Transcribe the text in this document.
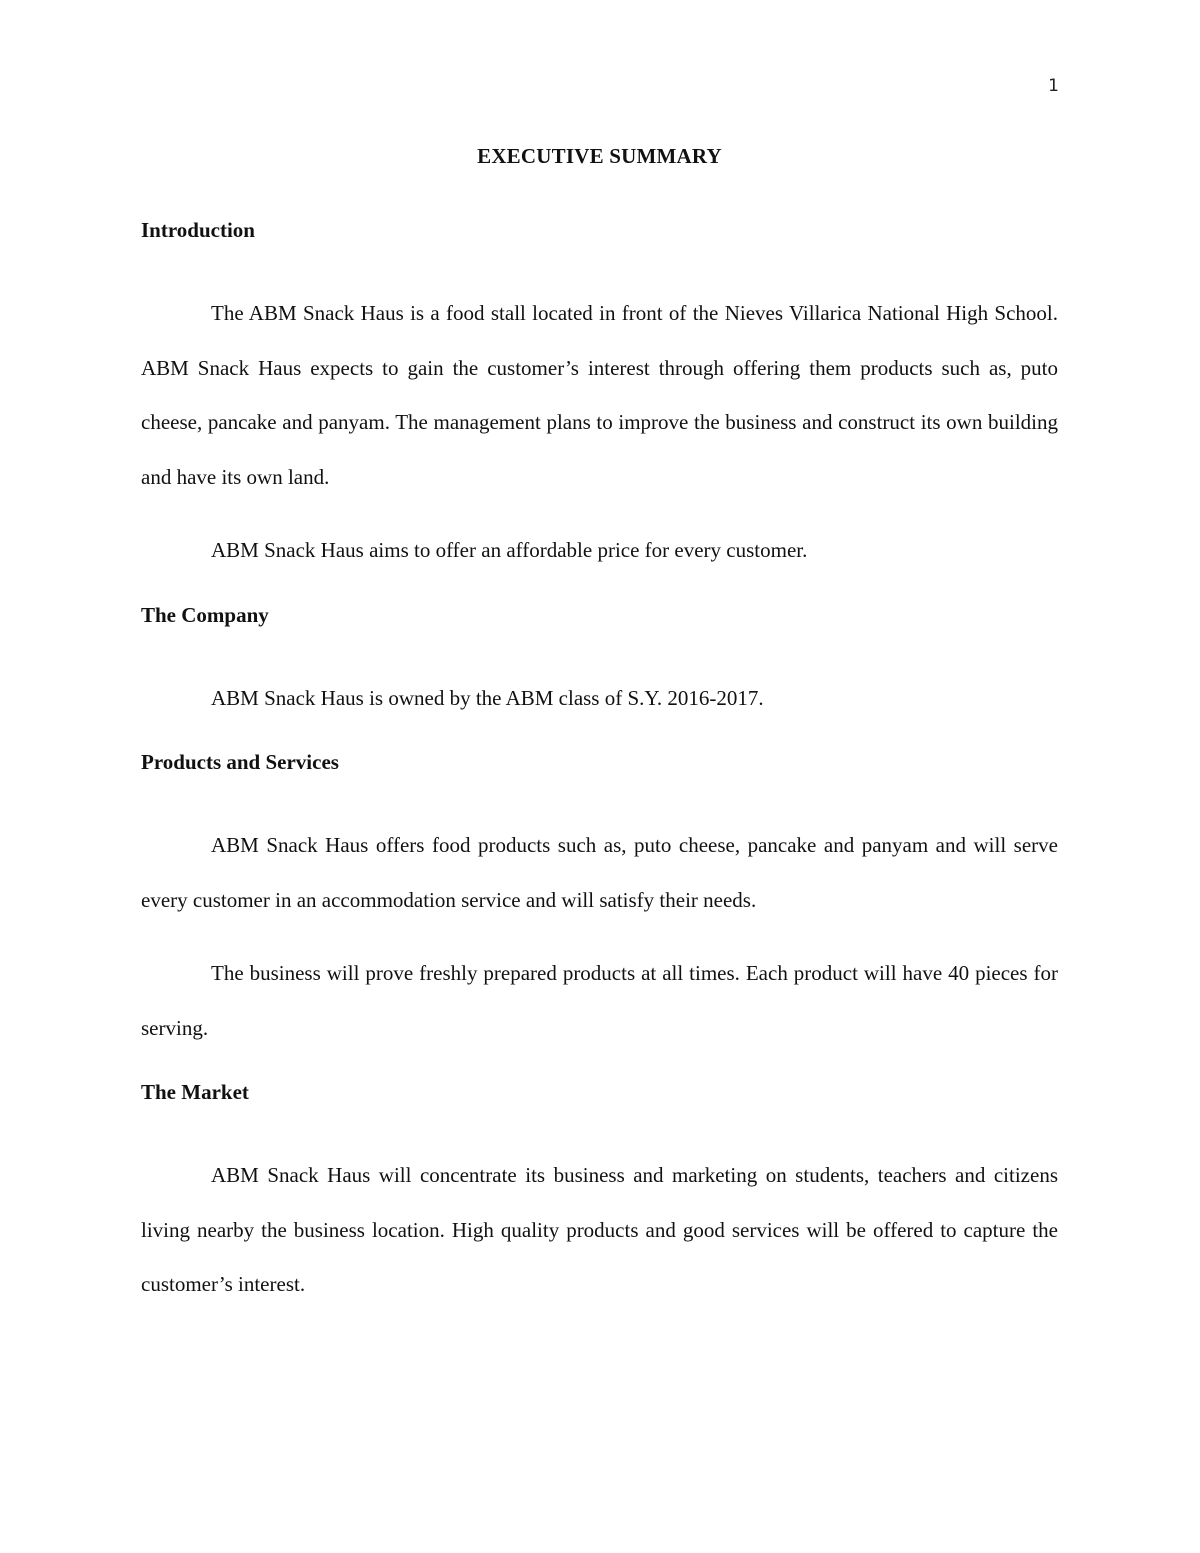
1
EXECUTIVE SUMMARY
Introduction

The ABM Snack Haus is a food stall located in front of the Nieves Villarica National High School. ABM Snack Haus expects to gain the customer’s interest through offering them products such as, puto cheese, pancake and panyam. The management plans to improve the business and construct its own building and have its own land.

ABM Snack Haus aims to offer an affordable price for every customer.

The Company

ABM Snack Haus is owned by the ABM class of S.Y. 2016-2017.

Products and Services

ABM Snack Haus offers food products such as, puto cheese, pancake and panyam and will serve every customer in an accommodation service and will satisfy their needs.

The business will prove freshly prepared products at all times. Each product will have 40 pieces for serving.

The Market

ABM Snack Haus will concentrate its business and marketing on students, teachers and citizens living nearby the business location. High quality products and good services will be offered to capture the customer’s interest.
